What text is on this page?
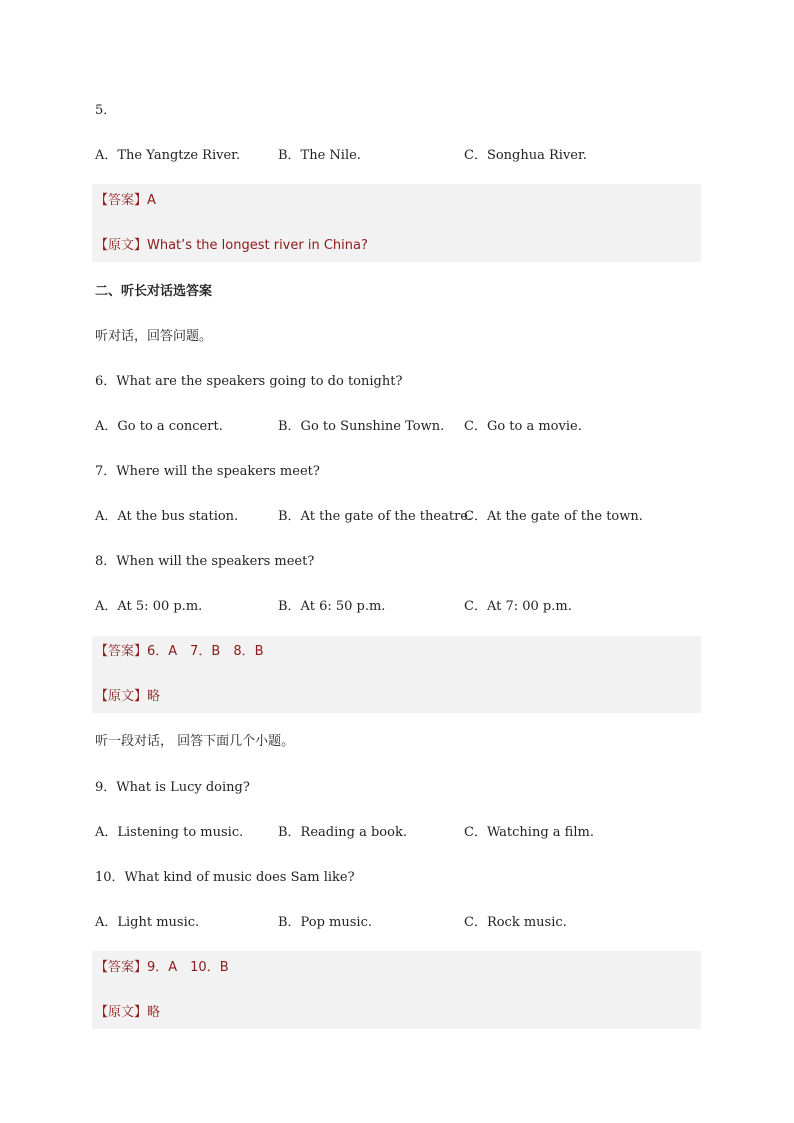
5．
A．The Yangtze River.	B．The Nile.	C．Songhua River.
【答案】A
【原文】What’s the longest river in China?
二、听长对话选答案
听对话，回答问题。
6．What are the speakers going to do tonight?
A．Go to a concert.	B．Go to Sunshine Town. C．Go to a movie.
7．Where will the speakers meet?
A．At the bus station.	B．At the gate of the theatre.
C．At the gate of the town.
8．When will the speakers meet?
A．At 5: 00 p.m.	B．At 6: 50 p.m.	C．At 7: 00 p.m.
【答案】6．A　7．B　8．B
【原文】略
听一段对话， 回答下面几个小题。
9．What is Lucy doing?
A．Listening to music.	B．Reading a book.	C．Watching a film.
10．What kind of music does Sam like?
A．Light music.	B．Pop music.	C．Rock music.
【答案】9．A　10．B
【原文】略
